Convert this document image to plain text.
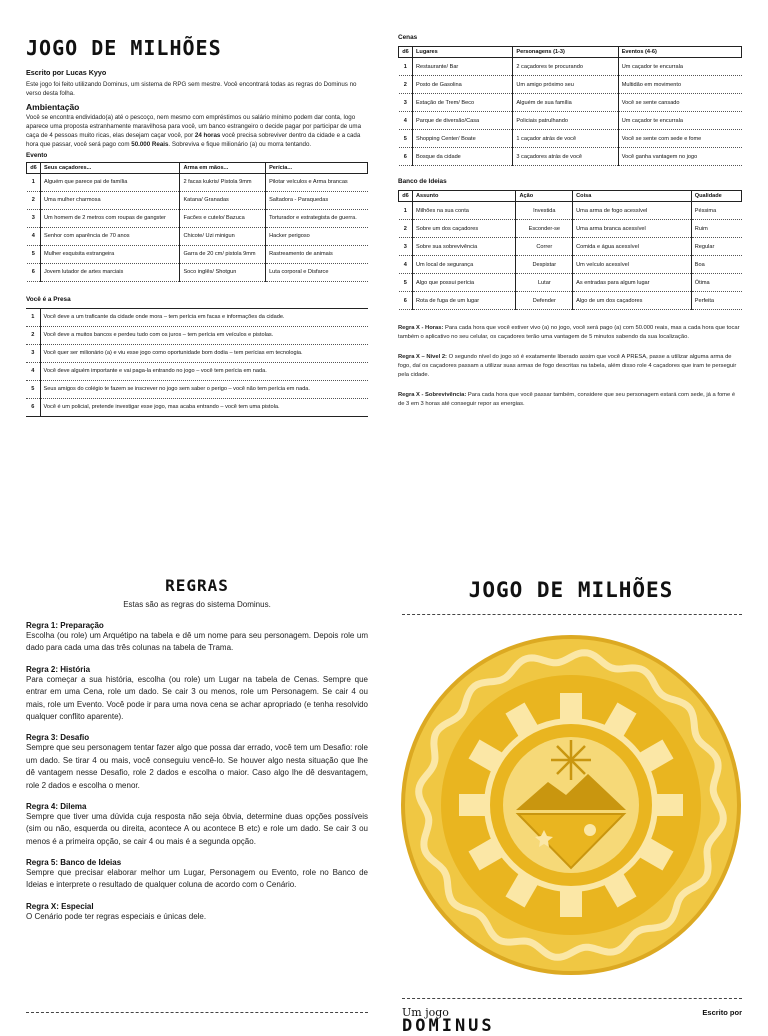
JOGO DE MILHÕES
Escrito por Lucas Kyyo
Este jogo foi feito utilizando Dominus, um sistema de RPG sem mestre. Você encontrará todas as regras do Dominus no verso desta folha.
Ambientação
Você se encontra endividado(a) até o pescoço, nem mesmo com empréstimos ou salário mínimo podem dar conta, logo aparece uma proposta estranhamente maravilhosa para você, um banco estrangeiro o decide pagar por participar de uma caça de 4 pessoas muito ricas, elas desejam caçar você, por 24 horas você precisa sobreviver dentro da cidade e a cada hora que passar, você será pago com 50.000 Reais. Sobreviva e fique milionário (a) ou morra tentando.
Evento
d6	Seus caçadores...	Arma em mãos...	Perícia...
1	Alguém que parece pai de família	2 facas kukris/ Pistola 9mm	Pilotar veículos e Arma brancas
2	Uma mulher charmosa	Katana/ Granadas	Saltadora - Paraquedas
3	Um homem de 2 metros com roupas de gangster	Facões e cutelo/ Bazuca	Torturador e estrategista de guerra.
4	Senhor com aparência de 70 anos	Chicote/ Uzi minigun	Hacker perigoso
5	Mulher esquisita estrangeira	Garra de 20 cm/ pistola 9mm	Rastreamento de animais
6	Jovem lutador de artes marciais	Soco inglês/ Shotgun	Luta corporal e Disfarce
Você é a Presa
1	Você deve a um traficante da cidade onde mora – tem perícia em facas e informações da cidade.
2	Você deve a muitos bancos e perdeu tudo com os juros – tem perícia em veículos e pistolas.
3	Você quer ser milionário (a) e viu esse jogo como oportunidade bom dodia – tem perícias em tecnologia.
4	Você deve alguém importante e vai paga-la entrando no jogo – você tem perícia em nada.
5	Seus amigos do colégio te fazem se inscrever no jogo sem saber o perigo – você não tem perícia em nada.
6	Você é um policial, pretende investigar esse jogo, mas acaba entrando – você tem uma pistola.
Cenas
d6	Lugares	Personagens (1-3)	Eventos (4-6)
1	Restaurante/ Bar	2 caçadores te procurando	Um caçador te encurrala
2	Posto de Gasolina	Um amigo próximo seu	Multidão em movimento
3	Estação de Trem/ Beco	Alguém de sua família	Você se sente cansado
4	Parque de diversão/Casa	Policiais patrulhando	Um caçador te encurrala
5	Shopping Center/ Boate	1 caçador atrás de você	Você se sente com sede e fome
6	Bosque da cidade	3 caçadores atrás de você	Você ganha vantagem no jogo
Banco de Ideias
d6	Assunto	Ação	Coisa	Qualidade
1	Milhões na sua conta	Investida	Uma arma de fogo acessível	Péssima
2	Sobre um dos caçadores	Esconder-se	Uma arma branca acessível	Ruim
3	Sobre sua sobrevivência	Correr	Comida e água acessível	Regular
4	Um local de segurança	Despistar	Um veículo acessível	Boa
5	Algo que possui perícia	Lutar	As entradas para algum lugar	Ótima
6	Rota de fuga de um lugar	Defender	Algo de um dos caçadores	Perfeita
Regra X - Horas: Para cada hora que você estiver vivo (a) no jogo, você será pago (a) com 50.000 reais, mas a cada hora que tocar também o aplicativo no seu celular, os caçadores terão uma vantagem de 5 minutos sabendo da sua localização.
Regra X – Nível 2: O segundo nível do jogo só é exatamente liberado assim que você A PRESA, passe a utilizar alguma arma de fogo, daí os caçadores passam a utilizar suas armas de fogo descritas na tabela, além disso role 4 caçadores que iram te perseguir pela cidade.
Regra X - Sobrevivência: Para cada hora que você passar também, considere que seu personagem estará com sede, já a fome é de 3 em 3 horas até conseguir repor as energias.
REGRAS
Estas são as regras do sistema Dominus.
Regra 1: Preparação
Escolha (ou role) um Arquétipo na tabela e dê um nome para seu personagem. Depois role um dado para cada uma das três colunas na tabela de Trama.
Regra 2: História
Para começar a sua história, escolha (ou role) um Lugar na tabela de Cenas. Sempre que entrar em uma Cena, role um dado. Se cair 3 ou menos, role um Personagem. Se cair 4 ou mais, role um Evento. Você pode ir para uma nova cena se achar apropriado (e tenha resolvido qualquer conflito aparente).
Regra 3: Desafio
Sempre que seu personagem tentar fazer algo que possa dar errado, você tem um Desafio: role um dado. Se tirar 4 ou mais, você conseguiu vencê-lo. Se houver algo nesta situação que lhe dê vantagem nesse Desafio, role 2 dados e escolha o maior. Caso algo lhe dê desvantagem, role 2 dados e escolha o menor.
Regra 4: Dilema
Sempre que tiver uma dúvida cuja resposta não seja óbvia, determine duas opções possíveis (sim ou não, esquerda ou direita, acontece A ou acontece B etc) e role um dado. Se cair 3 ou menos é a primeira opção, se cair 4 ou mais é a segunda opção.
Regra 5: Banco de Ideias
Sempre que precisar elaborar melhor um Lugar, Personagem ou Evento, role no Banco de Ideias e interprete o resultado de qualquer coluna de acordo com o Cenário.
Regra X: Especial
O Cenário pode ter regras especiais e únicas dele.
JOGO DE MILHÕES
Um jogo
DOMINUS
Escrito por
